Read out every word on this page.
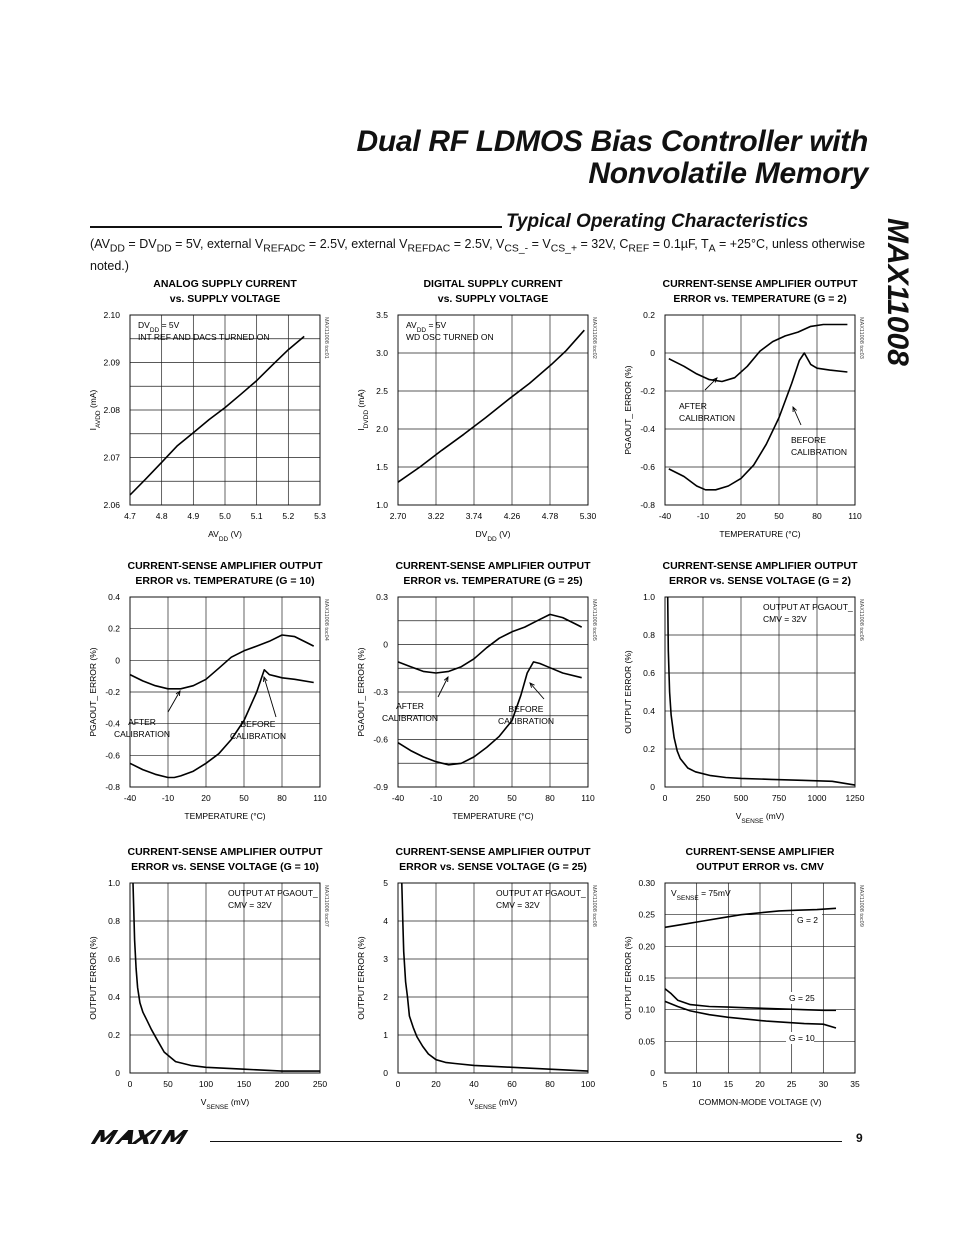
Dual RF LDMOS Bias Controller with
Nonvolatile Memory
MAX11008
Typical Operating Characteristics
($AV_{DD} = DV_{DD} = 5V$, external $V_{REFADC} = 2.5V$, external $V_{REFDAC} = 2.5V$, $V_{CS\_-} = V_{CS\_+} = 32V$, $C_{REF} = 0.1\mu F$, $T_A = +25^\circ C$, unless otherwise noted.)
ANALOG SUPPLY CURRENT
vs. SUPPLY VOLTAGE
4.7 4.8 4.9 5.0 5.1 5.2 5.3
2.06
2.07
2.08
2.09
2.10
$AV_{DD}$ (V)
$I_{AVDD}$ (mA)
MAX11008 toc01
$DV_{DD} = 5V$
INT REF AND DACS TURNED ON
DIGITAL SUPPLY CURRENT
vs. SUPPLY VOLTAGE
2.70	3.22	3.74	4.26	4.78	5.30
1.0
1.5
2.0
2.5
3.0
3.5
$DV_{DD}$ (V)
$I_{DVDD}$ (mA)
MAX11008 toc02
$AV_{DD} = 5V$
WD OSC TURNED ON
CURRENT-SENSE AMPLIFIER OUTPUT
ERROR vs. TEMPERATURE (G = 2)
-40	-10	20	50	80	110
-0.8
-0.6
-0.4
-0.2
0
0.2
TEMPERATURE (°C)
PGAOUT_ ERROR (%)
MAX11008 toc03
AFTER
CALIBRATION
BEFORE
CALIBRATION
CURRENT-SENSE AMPLIFIER OUTPUT
ERROR vs. TEMPERATURE (G = 10)
-40	-10	20	50	80	110
-0.8
-0.6
-0.4
-0.2
0
0.2
0.4
TEMPERATURE (°C)
PGAOUT_ ERROR (%)
MAX11008 toc04
AFTER
CALIBRATION
BEFORE
CALIBRATION
CURRENT-SENSE AMPLIFIER OUTPUT
ERROR vs. TEMPERATURE (G = 25)
-40	-10	20	50	80	110
-0.9
-0.6
-0.3
0
0.3
TEMPERATURE (°C)
PGAOUT_ ERROR (%)
MAX11008 toc05
AFTER
CALIBRATION
BEFORE
CALIBRATION
CURRENT-SENSE AMPLIFIER OUTPUT
ERROR vs. SENSE VOLTAGE (G = 2)
0	250	500	750	1000 1250
0
0.2
0.4
0.6
0.8
1.0
$V_{SENSE}$ (mV)
OUTPUT ERROR (%)
MAX11008 toc06
OUTPUT AT PGAOUT_
CMV = 32V
CURRENT-SENSE AMPLIFIER OUTPUT
ERROR vs. SENSE VOLTAGE (G = 10)
0	50	100	150	200	250
0
0.2
0.4
0.6
0.8
1.0
$V_{SENSE}$ (mV)
OUTPUT ERROR (%)
MAX11008 toc07
OUTPUT AT PGAOUT_
CMV = 32V
CURRENT-SENSE AMPLIFIER OUTPUT
ERROR vs. SENSE VOLTAGE (G = 25)
0	20	40	60	80	100
0
1
2
3
4
5
$V_{SENSE}$ (mV)
OUTPUT ERROR (%)
MAX11008 toc08
OUTPUT AT PGAOUT_
CMV = 32V
CURRENT-SENSE AMPLIFIER
OUTPUT ERROR vs. CMV
5	10	15	20	25	30	35
0
0.05
0.10
0.15
0.20
0.25
0.30
COMMON-MODE VOLTAGE (V)
OUTPUT ERROR (%)
MAX11008 toc09
$V_{SENSE} = 75mV$
G = 2
G = 25
G = 10
9
